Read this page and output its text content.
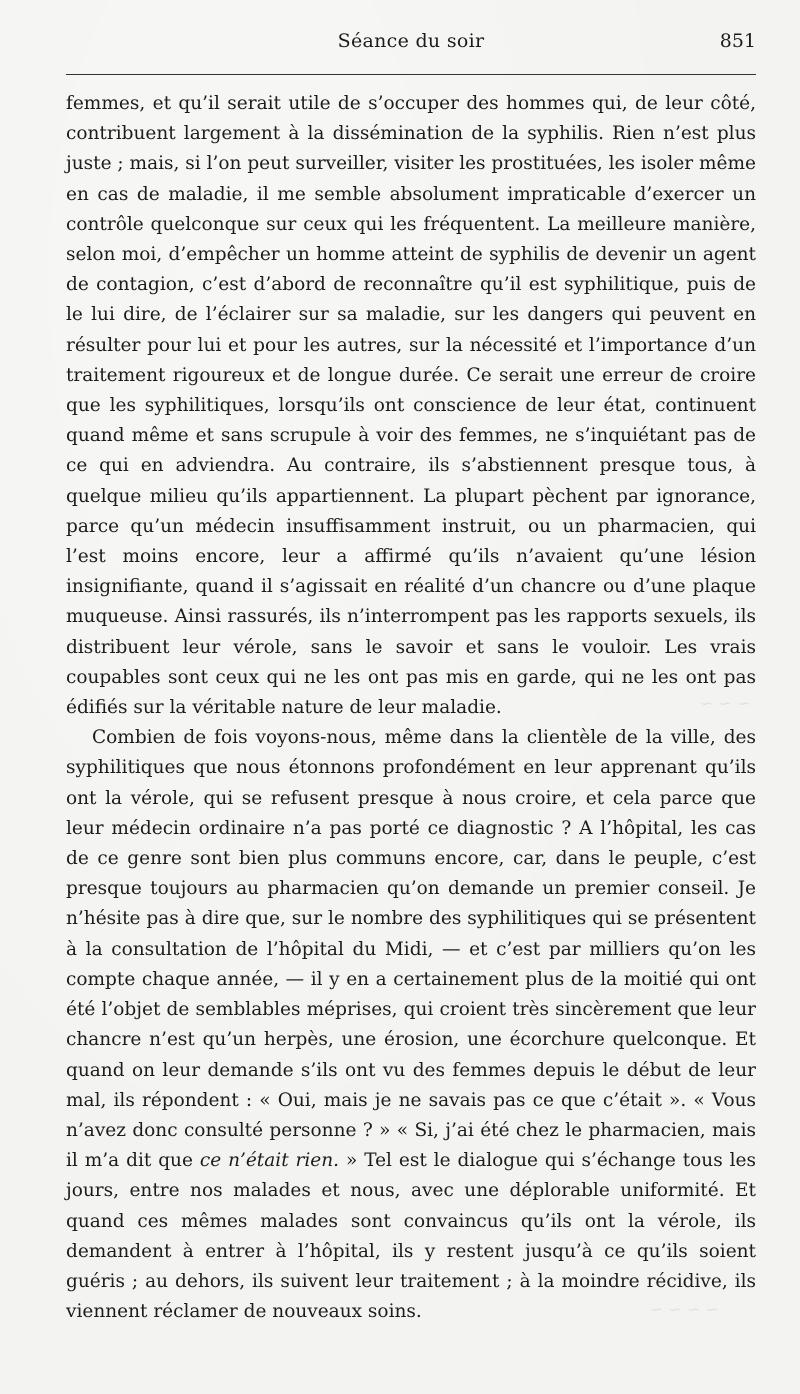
Séance du soir	851

femmes, et qu’il serait utile de s’occuper des hommes qui, de leur côté, contribuent largement à la dissémination de la syphilis. Rien n’est plus juste ; mais, si l’on peut surveiller, visiter les prostituées, les isoler même en cas de maladie, il me semble absolument impraticable d’exercer un contrôle quelconque sur ceux qui les fréquentent. La meilleure manière, selon moi, d’empêcher un homme atteint de syphilis de devenir un agent de contagion, c’est d’abord de reconnaître qu’il est syphilitique, puis de le lui dire, de l’éclairer sur sa maladie, sur les dangers qui peuvent en résulter pour lui et pour les autres, sur la nécessité et l’importance d’un traitement rigoureux et de longue durée. Ce serait une erreur de croire que les syphilitiques, lorsqu’ils ont conscience de leur état, continuent quand même et sans scrupule à voir des femmes, ne s’inquiétant pas de ce qui en adviendra. Au contraire, ils s’abstiennent presque tous, à quelque milieu qu’ils appartiennent. La plupart pèchent par ignorance, parce qu’un médecin insuffisamment instruit, ou un pharmacien, qui l’est moins encore, leur a affirmé qu’ils n’avaient qu’une lésion insignifiante, quand il s’agissait en réalité d’un chancre ou d’une plaque muqueuse. Ainsi rassurés, ils n’interrompent pas les rapports sexuels, ils distribuent leur vérole, sans le savoir et sans le vouloir. Les vrais coupables sont ceux qui ne les ont pas mis en garde, qui ne les ont pas édifiés sur la véritable nature de leur maladie.

Combien de fois voyons-nous, même dans la clientèle de la ville, des syphilitiques que nous étonnons profondément en leur apprenant qu’ils ont la vérole, qui se refusent presque à nous croire, et cela parce que leur médecin ordinaire n’a pas porté ce diagnostic ? A l’hôpital, les cas de ce genre sont bien plus communs encore, car, dans le peuple, c’est presque toujours au pharmacien qu’on demande un premier conseil. Je n’hésite pas à dire que, sur le nombre des syphilitiques qui se présentent à la consultation de l’hôpital du Midi, — et c’est par milliers qu’on les compte chaque année, — il y en a certainement plus de la moitié qui ont été l’objet de semblables méprises, qui croient très sincèrement que leur chancre n’est qu’un herpès, une érosion, une écorchure quelconque. Et quand on leur demande s’ils ont vu des femmes depuis le début de leur mal, ils répondent : « Oui, mais je ne savais pas ce que c’était ». « Vous n’avez donc consulté personne ? » « Si, j’ai été chez le pharmacien, mais il m’a dit que ce n’était rien. » Tel est le dialogue qui s’échange tous les jours, entre nos malades et nous, avec une déplorable uniformité. Et quand ces mêmes malades sont convaincus qu’ils ont la vérole, ils demandent à entrer à l’hôpital, ils y restent jusqu’à ce qu’ils soient guéris ; au dehors, ils suivent leur traitement ; à la moindre récidive, ils viennent réclamer de nouveaux soins.

~ ~ ~
~ ~ ~ ~
